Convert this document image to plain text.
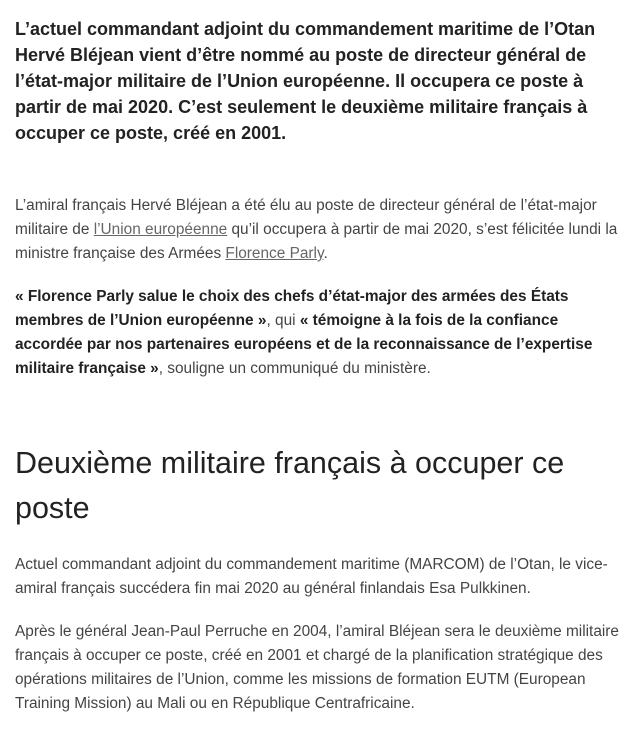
L’actuel commandant adjoint du commandement maritime de l’Otan Hervé Bléjean vient d’être nommé au poste de directeur général de l’état-major militaire de l’Union européenne. Il occupera ce poste à partir de mai 2020. C’est seulement le deuxième militaire français à occuper ce poste, créé en 2001.

L’amiral français Hervé Bléjean a été élu au poste de directeur général de l’état-major militaire de l’Union européenne qu’il occupera à partir de mai 2020, s’est félicitée lundi la ministre française des Armées Florence Parly.

« Florence Parly salue le choix des chefs d’état-major des armées des États membres de l’Union européenne », qui « témoigne à la fois de la confiance accordée par nos partenaires européens et de la reconnaissance de l’expertise militaire française », souligne un communiqué du ministère.

Deuxième militaire français à occuper ce poste

Actuel commandant adjoint du commandement maritime (MARCOM) de l’Otan, le vice-amiral français succédera fin mai 2020 au général finlandais Esa Pulkkinen.

Après le général Jean-Paul Perruche en 2004, l’amiral Bléjean sera le deuxième militaire français à occuper ce poste, créé en 2001 et chargé de la planification stratégique des opérations militaires de l’Union, comme les missions de formation EUTM (European Training Mission) au Mali ou en République Centrafricaine.
